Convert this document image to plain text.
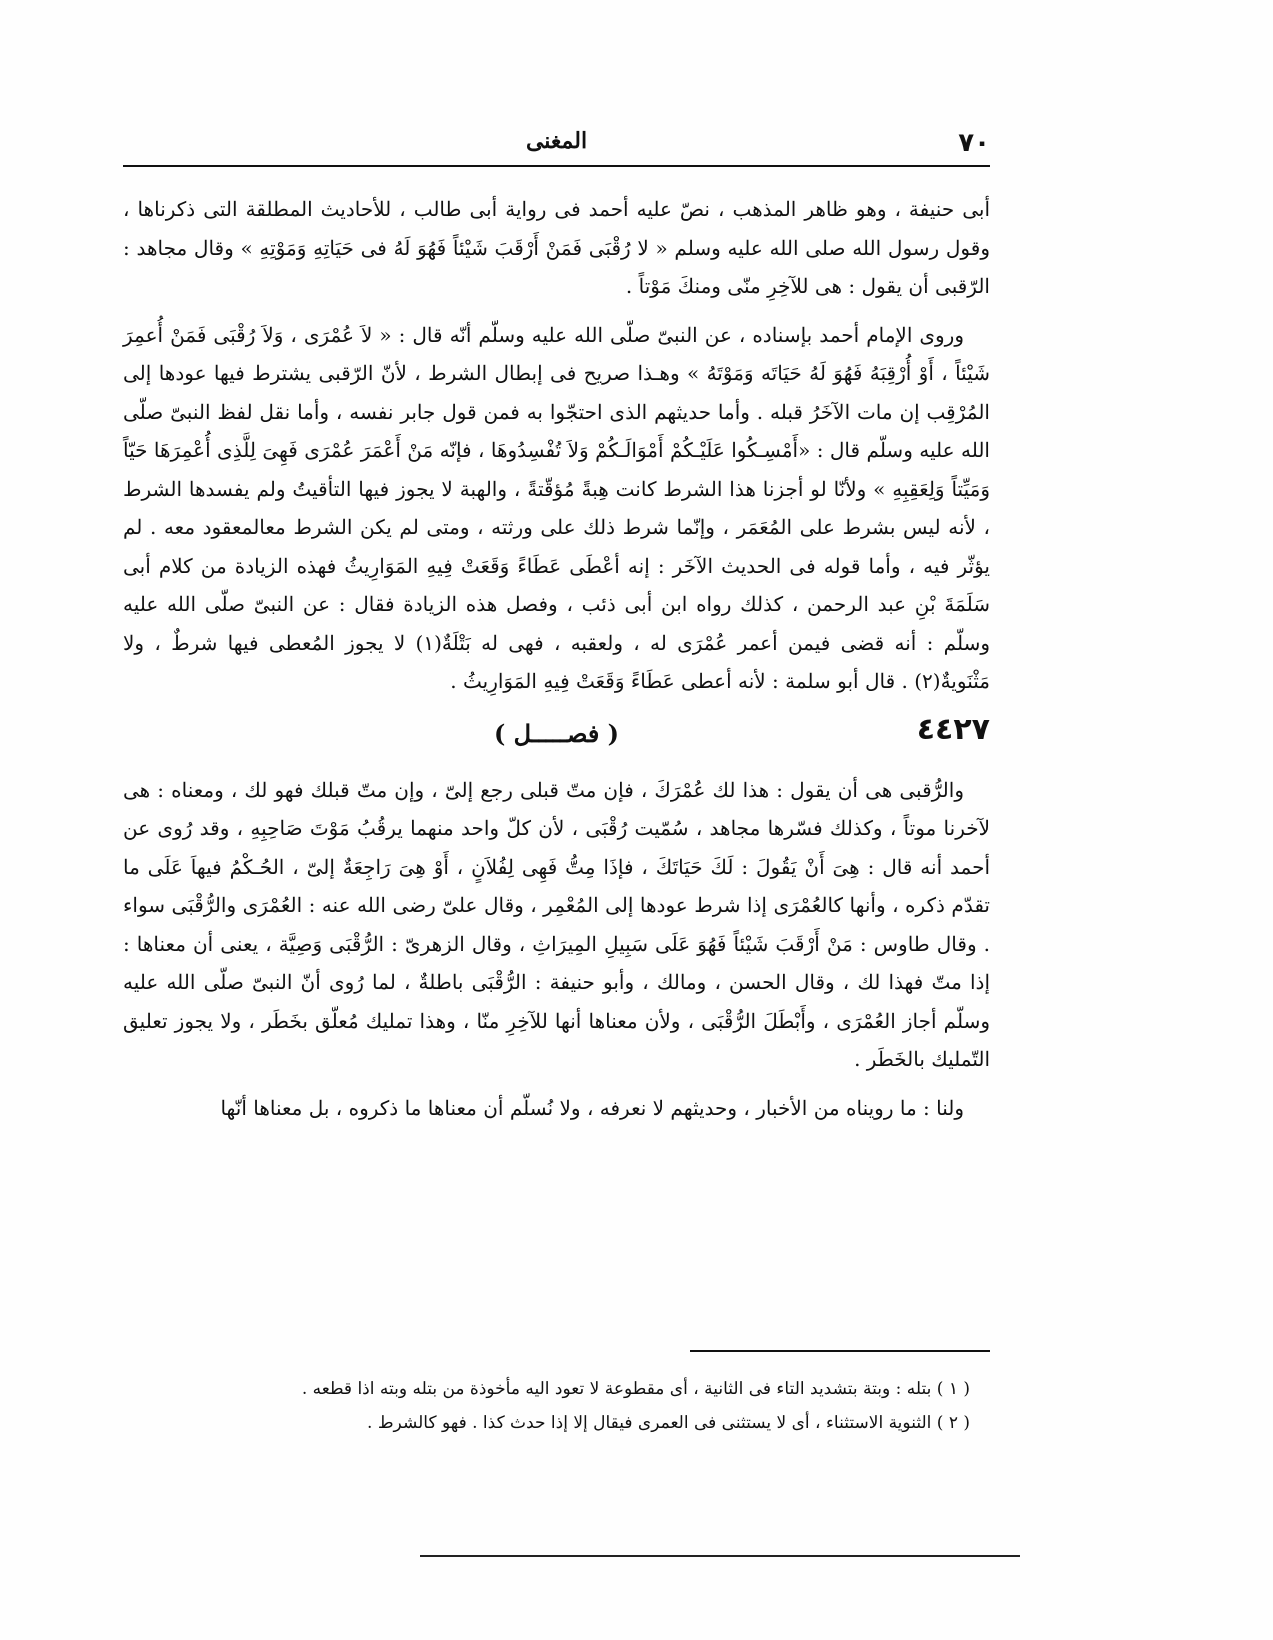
٧٠
المغنى

أبى حنيفة ، وهو ظاهر المذهب ، نصّ عليه أحمد فى رواية أبى طالب ، للأحاديث المطلقة التى ذكرناها ، وقول رسول الله صلى الله عليه وسلم « لا رُقْبَى فَمَنْ أَرْقَبَ شَيْئاً فَهُوَ لَهُ فى حَيَاتِهِ وَمَوْتِهِ » وقال مجاهد : الرّقبى أن يقول : هى للآخِرِ منّى ومنكَ مَوْتاً .

وروى الإمام أحمد بإسناده ، عن النبىّ صلّى الله عليه وسلّم أنّه قال : « لاَ عُمْرَى ، وَلاَ رُقْبَى فَمَنْ أُعمِرَ شَيْئاً ، أَوْ أُرْقِبَهُ فَهُوَ لَهُ حَيَاتَه وَمَوْتَهُ » وهـذا صريح فى إبطال الشرط ، لأنّ الرّقبى يشترط فيها عودها إلى المُرْقِب إن مات الآخَرُ قبله . وأما حديثهم الذى احتجّوا به فمن قول جابر نفسه ، وأما نقل لفظ النبىّ صلّى الله عليه وسلّم قال : «أَمْسِـكُوا عَلَيْـكُمْ أَمْوَالَـكُمْ وَلاَ تُفْسِدُوهَا ، فإنّه مَنْ أَعْمَرَ عُمْرَى فَهِىَ لِلَّذِى أُعْمِرَهَا حَيّاً وَمَيِّتاً وَلِعَقِبِهِ » ولأنّا لو أجزنا هذا الشرط كانت هِبةً مُؤقّتةً ، والهبة لا يجوز فيها التأقيتُ ولم يفسدها الشرط ، لأنه ليس بشرط على المُعَمَر ، وإنّما شرط ذلك على ورثته ، ومتى لم يكن الشرط معالمعقود معه . لم يؤثّر فيه ، وأما قوله فى الحديث الآخَر : إنه أعْطَى عَطَاءً وَقَعَتْ فِيهِ المَوَارِيثُ فهذه الزيادة من كلام أبى سَلَمَةَ بْنِ عبد الرحمن ، كذلك رواه ابن أبى ذئب ، وفصل هذه الزيادة فقال : عن النبىّ صلّى الله عليه وسلّم : أنه قضى فيمن أعمر عُمْرَى له ، ولعقبه ، فهى له بَتْلَةٌ(١) لا يجوز المُعطى فيها شرطٌ ، ولا مَثْنَويةٌ(٢) . قال أبو سلمة : لأنه أعطى عَطَاءً وَقَعَتْ فِيهِ المَوَارِيثُ .

٤٤٢٧
( فصـــــل )

والرُّقبى هى أن يقول : هذا لك عُمْرَكَ ، فإن متّ قبلى رجع إلىّ ، وإن متّ قبلك فهو لك ، ومعناه : هى لآخرنا موتاً ، وكذلك فسّرها مجاهد ، سُمّيت رُقْبَى ، لأن كلّ واحد منهما يرقُبُ مَوْتَ صَاحِبِهِ ، وقد رُوى عن أحمد أنه قال : هِىَ أَنْ يَقُولَ : لَكَ حَيَاتَكَ ، فإذَا مِتُّ فَهِى لِفُلاَنٍ ، أَوْ هِىَ رَاجِعَةٌ إلىّ ، الحُـكْمُ فيهاَ عَلَى ما تقدّم ذكره ، وأنها كالعُمْرَى إذا شرط عودها إلى المُعْمِر ، وقال علىّ رضى الله عنه : العُمْرَى والرُّقْبَى سواء . وقال طاوس : مَنْ أَرْقَبَ شَيْئاً فَهُوَ عَلَى سَبِيلِ المِيرَاثِ ، وقال الزهرىّ : الرُّقْبَى وَصِيَّة ، يعنى أن معناها : إذا متّ فهذا لك ، وقال الحسن ، ومالك ، وأبو حنيفة : الرُّقْبَى باطلةٌ ، لما رُوى أنّ النبىّ صلّى الله عليه وسلّم أجاز العُمْرَى ، وأَبْطَلَ الرُّقْبَى ، ولأن معناها أنها للآخِرِ منّا ، وهذا تمليك مُعلّق بخَطَر ، ولا يجوز تعليق التّمليك بالخَطَر .

ولنا : ما رويناه من الأخبار ، وحديثهم لا نعرفه ، ولا نُسلّم أن معناها ما ذكروه ، بل معناها أنّها

( ١ ) بتله : وبتة بتشديد التاء فى الثانية ، أى مقطوعة لا تعود اليه مأخوذة من بتله وبته اذا قطعه .

( ٢ ) الثنوية الاستثناء ، أى لا يستثنى فى العمرى فيقال إلا إذا حدث كذا . فهو كالشرط .
